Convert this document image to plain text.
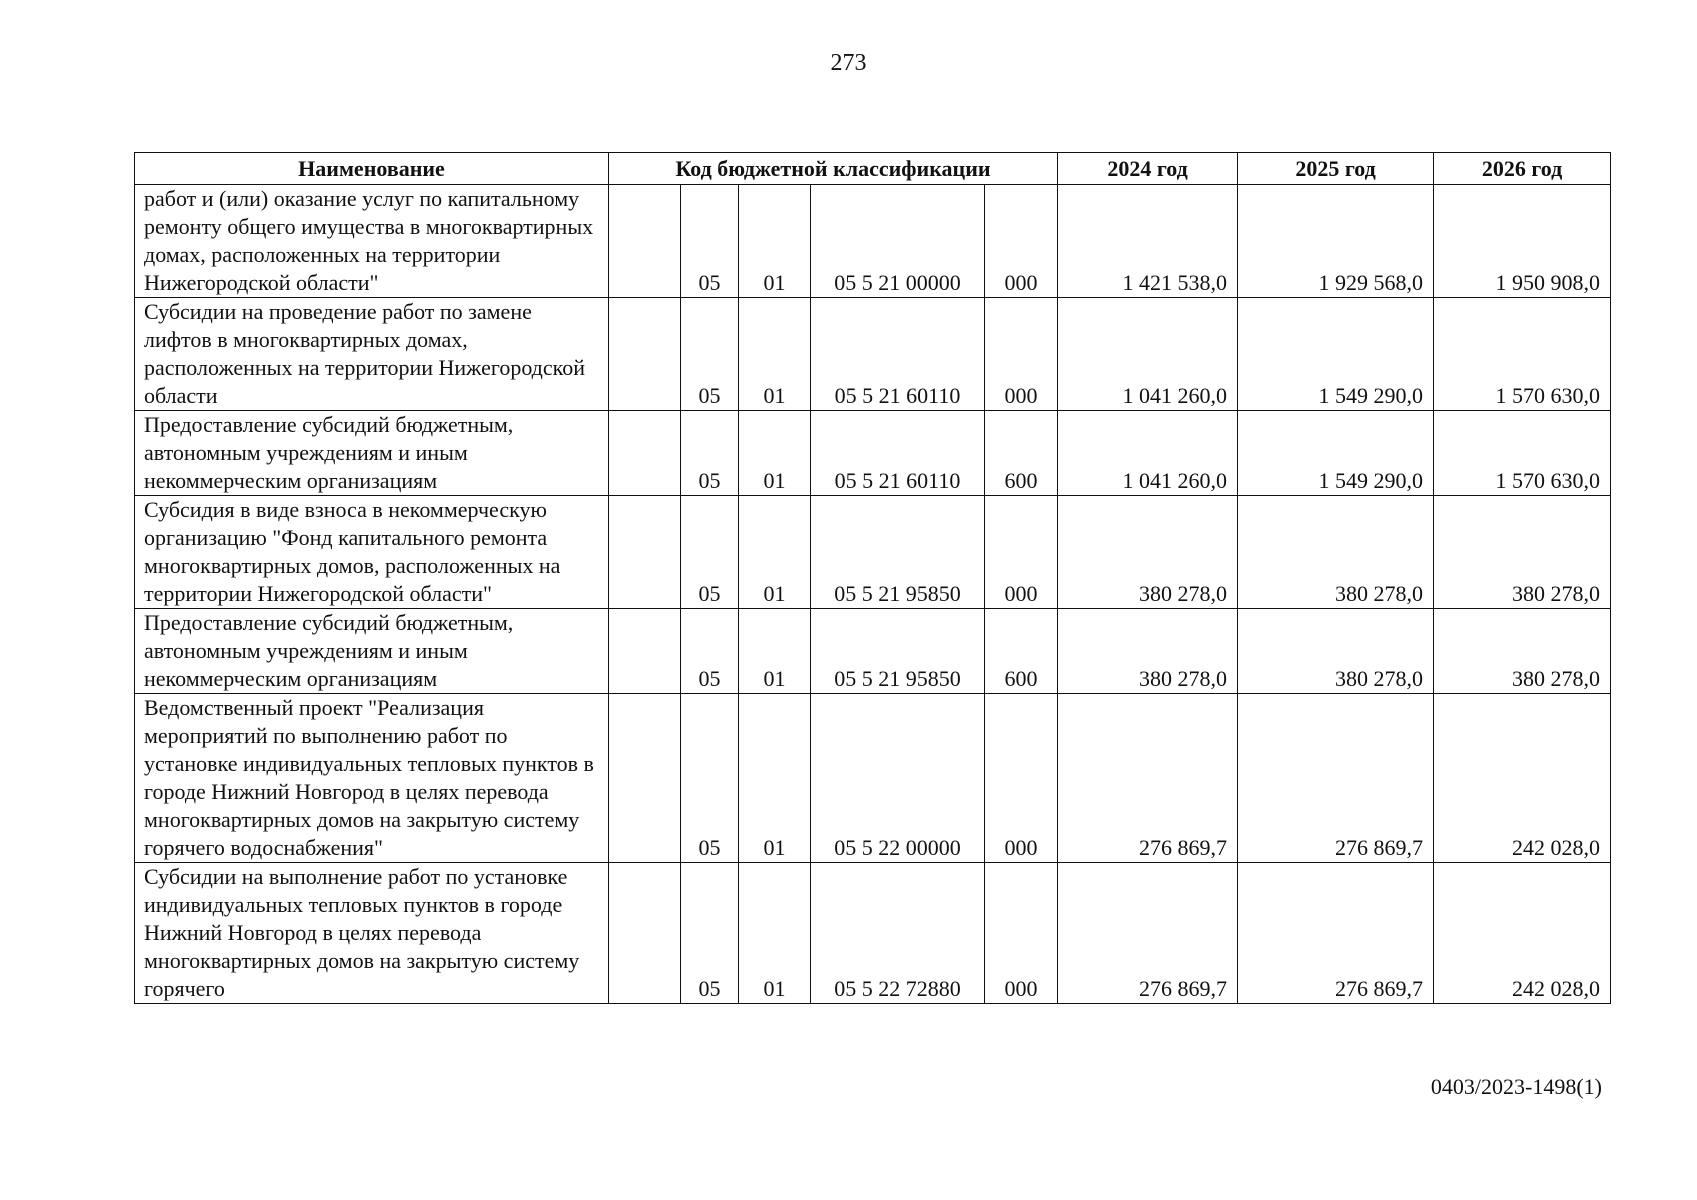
273
Наименование	Код бюджетной классификации					2024 год	2025 год	2026 год
работ и (или) оказание услуг по капитальному ремонту общего имущества в многоквартирных домах, расположенных на территории Нижегородской области"		05	01	05 5 21 00000	000	1 421 538,0	1 929 568,0	1 950 908,0
Субсидии на проведение работ по замене лифтов в многоквартирных домах, расположенных на территории Нижегородской области		05	01	05 5 21 60110	000	1 041 260,0	1 549 290,0	1 570 630,0
Предоставление субсидий бюджетным, автономным учреждениям и иным некоммерческим организациям		05	01	05 5 21 60110	600	1 041 260,0	1 549 290,0	1 570 630,0
Субсидия в виде взноса в некоммерческую организацию "Фонд капитального ремонта многоквартирных домов, расположенных на территории Нижегородской области"		05	01	05 5 21 95850	000	380 278,0	380 278,0	380 278,0
Предоставление субсидий бюджетным, автономным учреждениям и иным некоммерческим организациям		05	01	05 5 21 95850	600	380 278,0	380 278,0	380 278,0
Ведомственный проект "Реализация мероприятий по выполнению работ по установке индивидуальных тепловых пунктов в городе Нижний Новгород в целях перевода многоквартирных домов на закрытую систему горячего водоснабжения"		05	01	05 5 22 00000	000	276 869,7	276 869,7	242 028,0
Субсидии на выполнение работ по установке индивидуальных тепловых пунктов в городе Нижний Новгород в целях перевода многоквартирных домов на закрытую систему горячего		05	01	05 5 22 72880	000	276 869,7	276 869,7	242 028,0
0403/2023-1498(1)
